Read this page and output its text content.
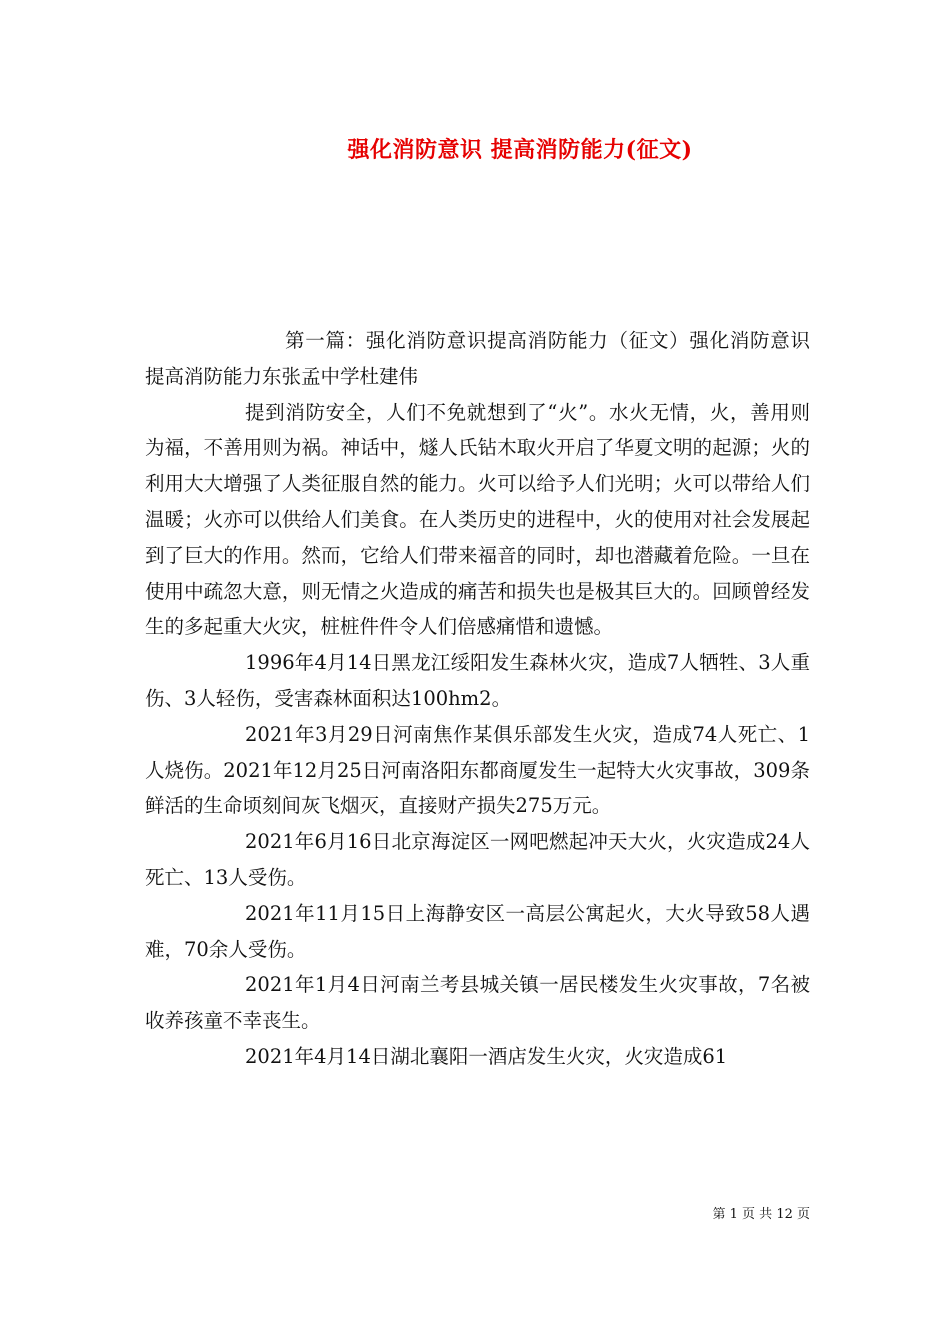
强化消防意识 提高消防能力(征文)

第一篇：强化消防意识提高消防能力（征文）强化消防意识提高消防能力东张孟中学杜建伟

提到消防安全，人们不免就想到了“火”。水火无情，火，善用则为福，不善用则为祸。神话中，燧人氏钻木取火开启了华夏文明的起源；火的利用大大增强了人类征服自然的能力。火可以给予人们光明；火可以带给人们温暖；火亦可以供给人们美食。在人类历史的进程中，火的使用对社会发展起到了巨大的作用。然而，它给人们带来福音的同时，却也潜藏着危险。一旦在使用中疏忽大意，则无情之火造成的痛苦和损失也是极其巨大的。回顾曾经发生的多起重大火灾，桩桩件件令人们倍感痛惜和遗憾。

1996年4月14日黑龙江绥阳发生森林火灾，造成7人牺牲、3人重伤、3人轻伤，受害森林面积达100hm2。

2021年3月29日河南焦作某俱乐部发生火灾，造成74人死亡、1人烧伤。2021年12月25日河南洛阳东都商厦发生一起特大火灾事故，309条鲜活的生命顷刻间灰飞烟灭，直接财产损失275万元。

2021年6月16日北京海淀区一网吧燃起冲天大火，火灾造成24人死亡、13人受伤。

2021年11月15日上海静安区一高层公寓起火，大火导致58人遇难，70余人受伤。

2021年1月4日河南兰考县城关镇一居民楼发生火灾事故，7名被收养孩童不幸丧生。

2021年4月14日湖北襄阳一酒店发生火灾，火灾造成61

第 1 页 共 12 页
